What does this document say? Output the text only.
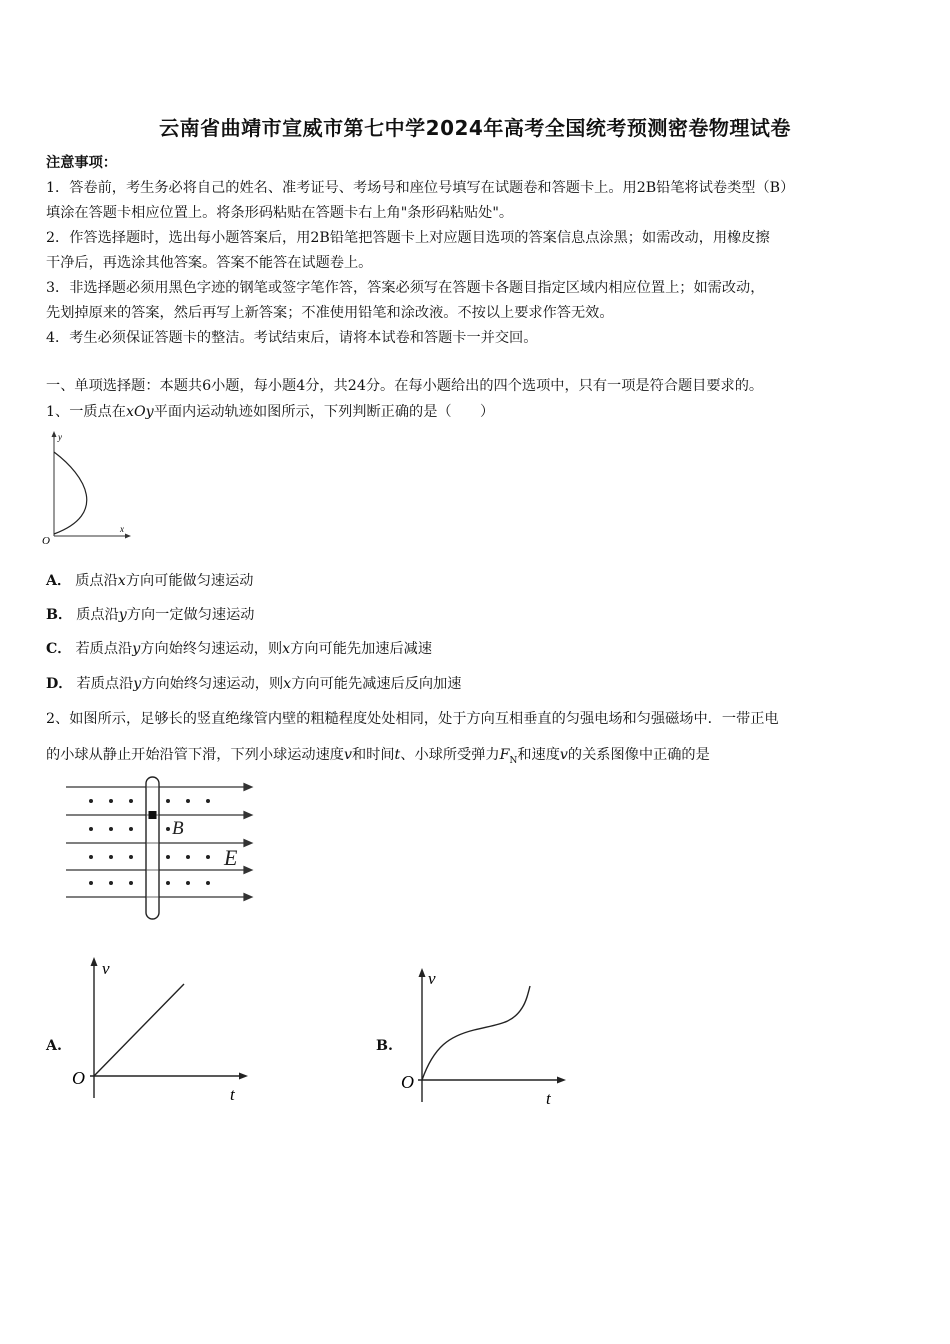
云南省曲靖市宣威市第七中学2024年高考全国统考预测密卷物理试卷
注意事项：
1．答卷前，考生务必将自己的姓名、准考证号、考场号和座位号填写在试题卷和答题卡上。用2B铅笔将试卷类型（B）
填涂在答题卡相应位置上。将条形码粘贴在答题卡右上角"条形码粘贴处"。
2．作答选择题时，选出每小题答案后，用2B铅笔把答题卡上对应题目选项的答案信息点涂黑；如需改动，用橡皮擦
干净后，再选涂其他答案。答案不能答在试题卷上。
3．非选择题必须用黑色字迹的钢笔或签字笔作答，答案必须写在答题卡各题目指定区域内相应位置上；如需改动，
先划掉原来的答案，然后再写上新答案；不准使用铅笔和涂改液。不按以上要求作答无效。
4．考生必须保证答题卡的整洁。考试结束后，请将本试卷和答题卡一并交回。
一、单项选择题：本题共6小题，每小题4分，共24分。在每小题给出的四个选项中，只有一项是符合题目要求的。
1、一质点在xOy平面内运动轨迹如图所示，下列判断正确的是（　　）
y
x
O
A． 质点沿x方向可能做匀速运动
B． 质点沿y方向一定做匀速运动
C． 若质点沿y方向始终匀速运动，则x方向可能先加速后减速
D． 若质点沿y方向始终匀速运动，则x方向可能先减速后反向加速
2、如图所示，足够长的竖直绝缘管内壁的粗糙程度处处相同，处于方向互相垂直的匀强电场和匀强磁场中．一带正电
的小球从静止开始沿管下滑，下列小球运动速度v和时间t、小球所受弹力$F_N$和速度v的关系图像中正确的是
B
E
A.
v
t
O
B.
v
t
O
